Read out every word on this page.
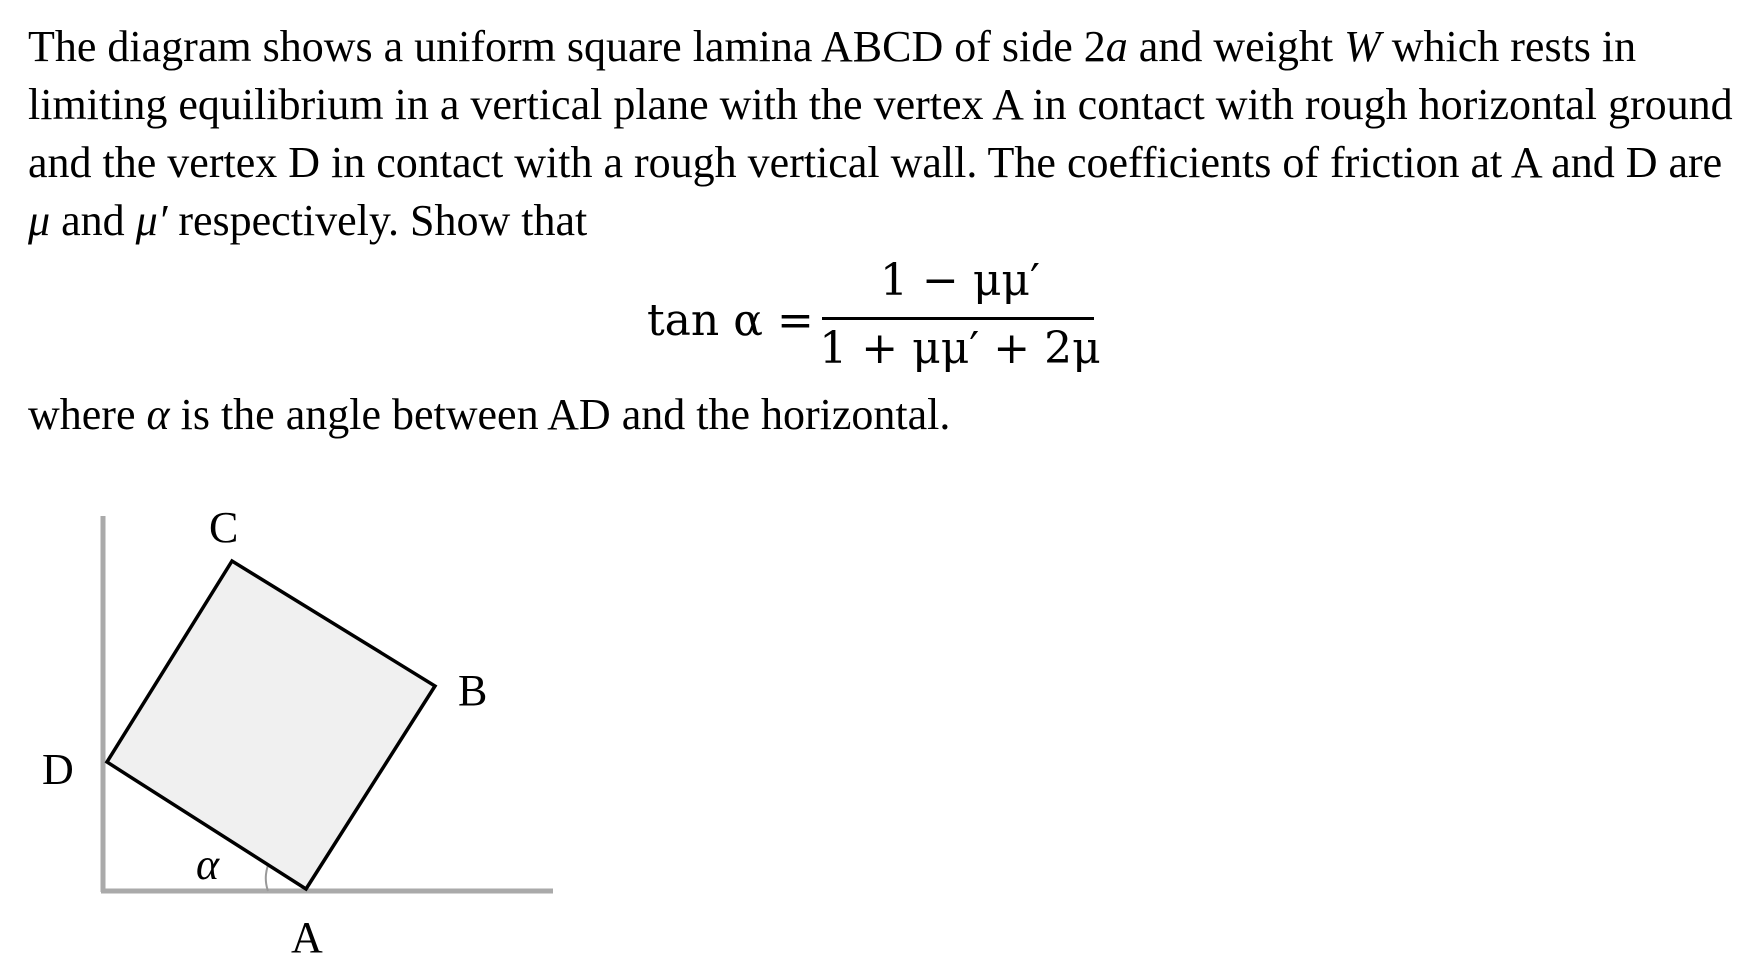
The diagram shows a uniform square lamina ABCD of side 2a and weight W which rests in limiting equilibrium in a vertical plane with the vertex A in contact with rough horizontal ground and the vertex D in contact with a rough vertical wall. The coefficients of friction at A and D are μ and μ′ respectively. Show that
tan α =
1 − μμ′
1 + μμ′ + 2μ
where α is the angle between AD and the horizontal.
C
B
D
A
α
